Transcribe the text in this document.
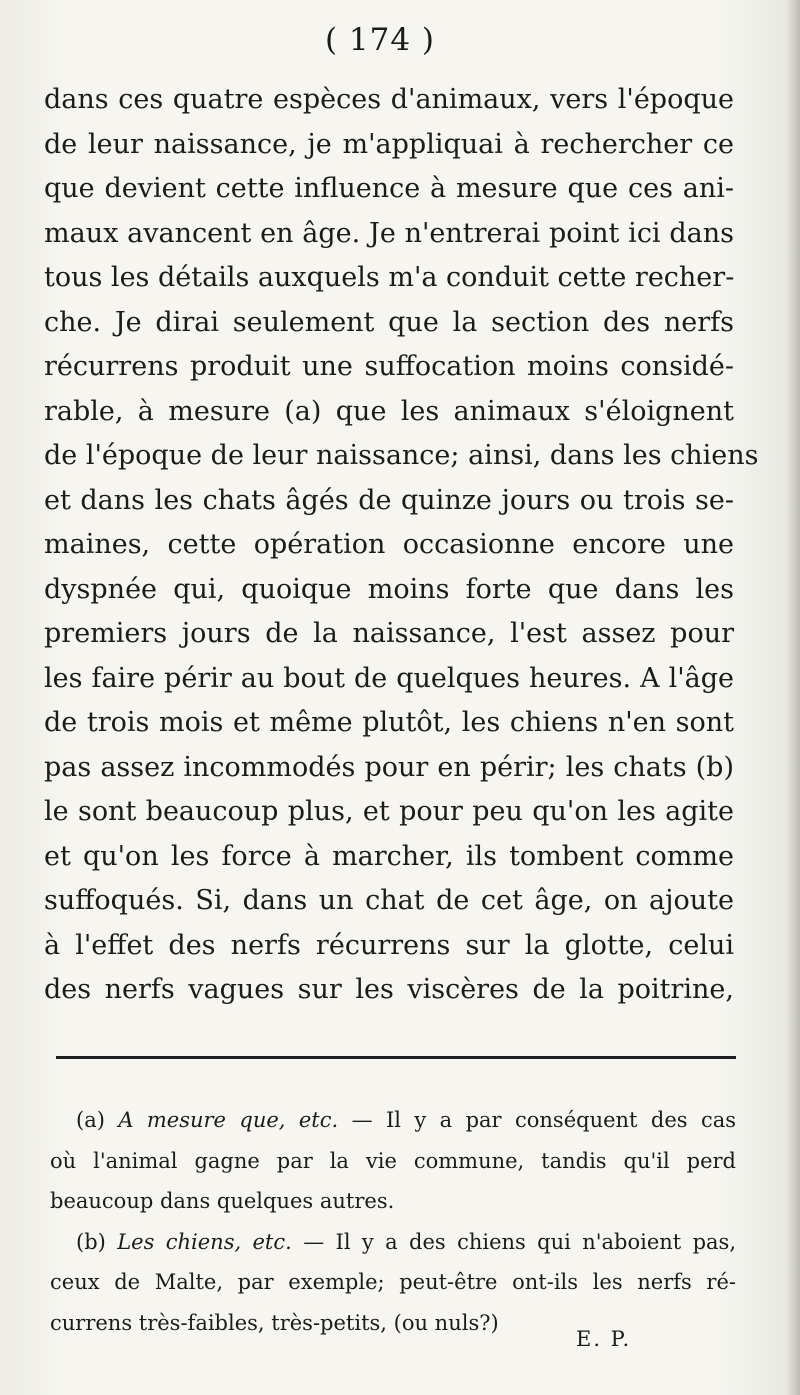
( 174 )
dans ces quatre espèces d'animaux, vers l'époque
de leur naissance, je m'appliquai à rechercher ce
que devient cette influence à mesure que ces ani-
maux avancent en âge. Je n'entrerai point ici dans
tous les détails auxquels m'a conduit cette recher-
che. Je dirai seulement que la section des nerfs
récurrens produit une suffocation moins considé-
rable, à mesure (a) que les animaux s'éloignent
de l'époque de leur naissance; ainsi, dans les chiens
et dans les chats âgés de quinze jours ou trois se-
maines, cette opération occasionne encore une
dyspnée qui, quoique moins forte que dans les
premiers jours de la naissance, l'est assez pour
les faire périr au bout de quelques heures. A l'âge
de trois mois et même plutôt, les chiens n'en sont
pas assez incommodés pour en périr; les chats (b)
le sont beaucoup plus, et pour peu qu'on les agite
et qu'on les force à marcher, ils tombent comme
suffoqués. Si, dans un chat de cet âge, on ajoute
à l'effet des nerfs récurrens sur la glotte, celui
des nerfs vagues sur les viscères de la poitrine,
(a) A mesure que, etc. — Il y a par conséquent des cas
où l'animal gagne par la vie commune, tandis qu'il perd
beaucoup dans quelques autres.
(b) Les chiens, etc. — Il y a des chiens qui n'aboient pas,
ceux de Malte, par exemple; peut-être ont-ils les nerfs ré-
currens très-faibles, très-petits, (ou nuls?)
E. P.
